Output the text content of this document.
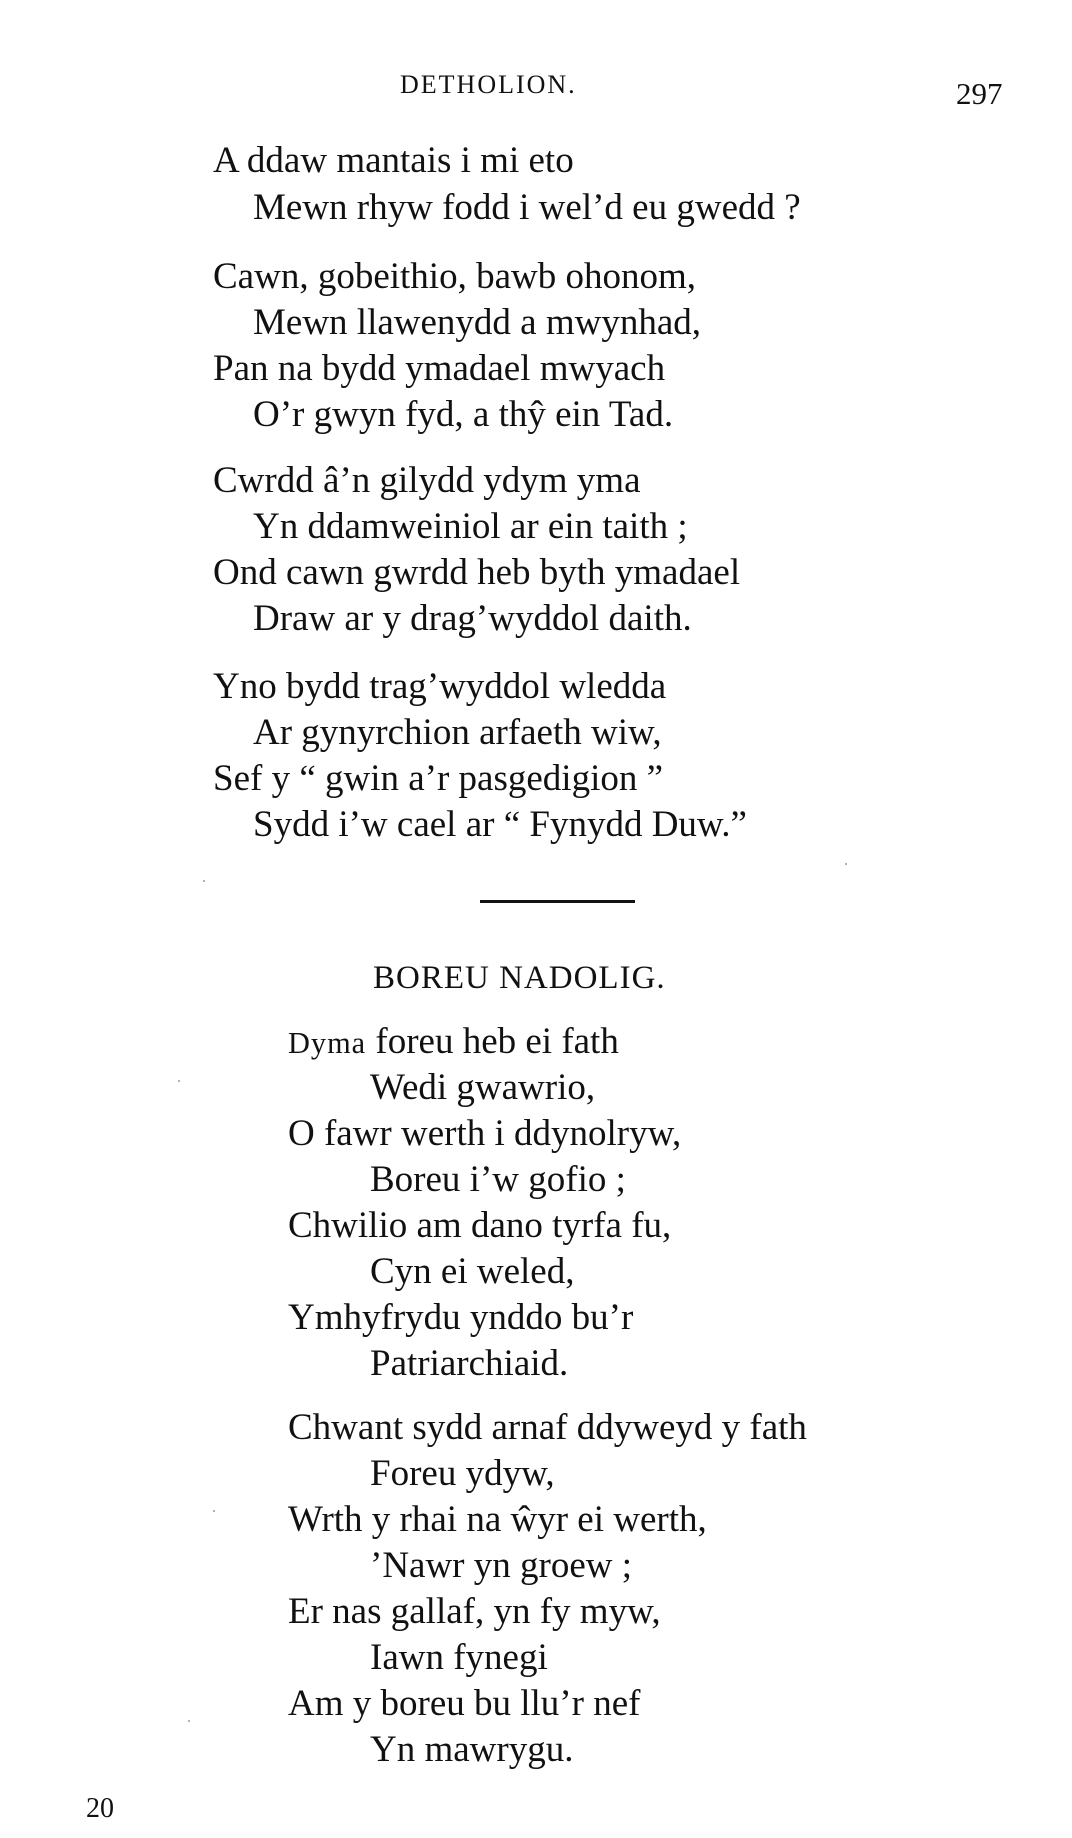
DETHOLION.	297
A ddaw mantais i mi eto
Mewn rhyw fodd i wel’d eu gwedd ?
Cawn, gobeithio, bawb ohonom,
Mewn llawenydd a mwynhad,
Pan na bydd ymadael mwyach
O’r gwyn fyd, a thŷ ein Tad.
Cwrdd â’n gilydd ydym yma
Yn ddamweiniol ar ein taith ;
Ond cawn gwrdd heb byth ymadael
Draw ar y drag’wyddol daith.
Yno bydd trag’wyddol wledda
Ar gynyrchion arfaeth wiw,
Sef y “ gwin a’r pasgedigion ”
Sydd i’w cael ar “ Fynydd Duw.”
BOREU NADOLIG.
Dyma foreu heb ei fath
Wedi gwawrio,
O fawr werth i ddynolryw,
Boreu i’w gofio ;
Chwilio am dano tyrfa fu,
Cyn ei weled,
Ymhyfrydu ynddo bu’r
Patriarchiaid.
Chwant sydd arnaf ddyweyd y fath
Foreu ydyw,
Wrth y rhai na ŵyr ei werth,
’Nawr yn groew ;
Er nas gallaf, yn fy myw,
Iawn fynegi
Am y boreu bu llu’r nef
Yn mawrygu.
20
